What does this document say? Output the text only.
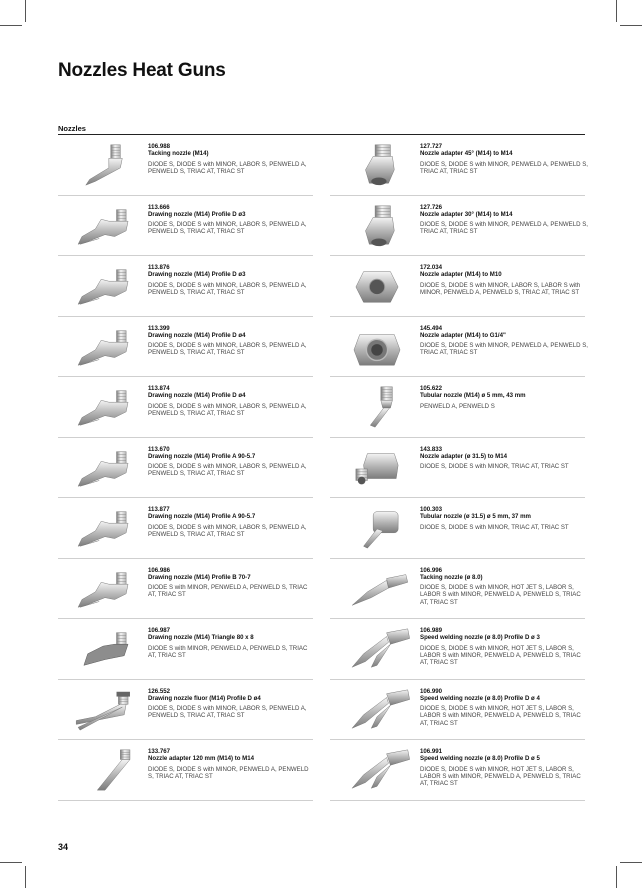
Nozzles Heat Guns
Nozzles
106.988
Tacking nozzle (M14)
DIODE S, DIODE S with MINOR, LABOR S, PENWELD A, PENWELD S, TRIAC AT, TRIAC ST
113.666
Drawing nozzle (M14) Profile D ø3
DIODE S, DIODE S with MINOR, LABOR S, PENWELD A, PENWELD S, TRIAC AT, TRIAC ST
113.876
Drawing nozzle (M14) Profile D ø3
DIODE S, DIODE S with MINOR, LABOR S, PENWELD A, PENWELD S, TRIAC AT, TRIAC ST
113.399
Drawing nozzle (M14) Profile D ø4
DIODE S, DIODE S with MINOR, LABOR S, PENWELD A, PENWELD S, TRIAC AT, TRIAC ST
113.874
Drawing nozzle (M14) Profile D ø4
DIODE S, DIODE S with MINOR, LABOR S, PENWELD A, PENWELD S, TRIAC AT, TRIAC ST
113.670
Drawing nozzle (M14) Profile A 90-5.7
DIODE S, DIODE S with MINOR, LABOR S, PENWELD A, PENWELD S, TRIAC AT, TRIAC ST
113.877
Drawing nozzle (M14) Profile A 90-5.7
DIODE S, DIODE S with MINOR, LABOR S, PENWELD A, PENWELD S, TRIAC AT, TRIAC ST
106.986
Drawing nozzle (M14) Profile B 70-7
DIODE S with MINOR, PENWELD A, PENWELD S, TRIAC AT, TRIAC ST
106.987
Drawing nozzle (M14) Triangle 80 x 8
DIODE S with MINOR, PENWELD A, PENWELD S, TRIAC AT, TRIAC ST
126.552
Drawing nozzle fluor (M14) Profile D ø4
DIODE S, DIODE S with MINOR, LABOR S, PENWELD A, PENWELD S, TRIAC AT, TRIAC ST
133.767
Nozzle adapter 120 mm (M14) to M14
DIODE S, DIODE S with MINOR, PENWELD A, PENWELD S, TRIAC AT, TRIAC ST
127.727
Nozzle adapter 45° (M14) to M14
DIODE S, DIODE S with MINOR, PENWELD A, PENWELD S, TRIAC AT, TRIAC ST
127.726
Nozzle adapter 30° (M14) to M14
DIODE S, DIODE S with MINOR, PENWELD A, PENWELD S, TRIAC AT, TRIAC ST
172.034
Nozzle adapter (M14) to M10
DIODE S, DIODE S with MINOR, LABOR S, LABOR S with MINOR, PENWELD A, PENWELD S, TRIAC AT, TRIAC ST
145.494
Nozzle adapter (M14) to G1/4"
DIODE S, DIODE S with MINOR, PENWELD A, PENWELD S, TRIAC AT, TRIAC ST
105.622
Tubular nozzle (M14) ø 5 mm, 43 mm
PENWELD A, PENWELD S
143.833
Nozzle adapter (ø 31.5) to M14
DIODE S, DIODE S with MINOR, TRIAC AT, TRIAC ST
100.303
Tubular nozzle (ø 31.5) ø 5 mm, 37 mm
DIODE S, DIODE S with MINOR, TRIAC AT, TRIAC ST
106.996
Tacking nozzle (ø 8.0)
DIODE S, DIODE S with MINOR, HOT JET S, LABOR S, LABOR S with MINOR, PENWELD A, PENWELD S, TRIAC AT, TRIAC ST
106.989
Speed welding nozzle (ø 8.0) Profile D ø 3
DIODE S, DIODE S with MINOR, HOT JET S, LABOR S, LABOR S with MINOR, PENWELD A, PENWELD S, TRIAC AT, TRIAC ST
106.990
Speed welding nozzle (ø 8.0) Profile D ø 4
DIODE S, DIODE S with MINOR, HOT JET S, LABOR S, LABOR S with MINOR, PENWELD A, PENWELD S, TRIAC AT, TRIAC ST
106.991
Speed welding nozzle (ø 8.0) Profile D ø 5
DIODE S, DIODE S with MINOR, HOT JET S, LABOR S, LABOR S with MINOR, PENWELD A, PENWELD S, TRIAC AT, TRIAC ST
34
